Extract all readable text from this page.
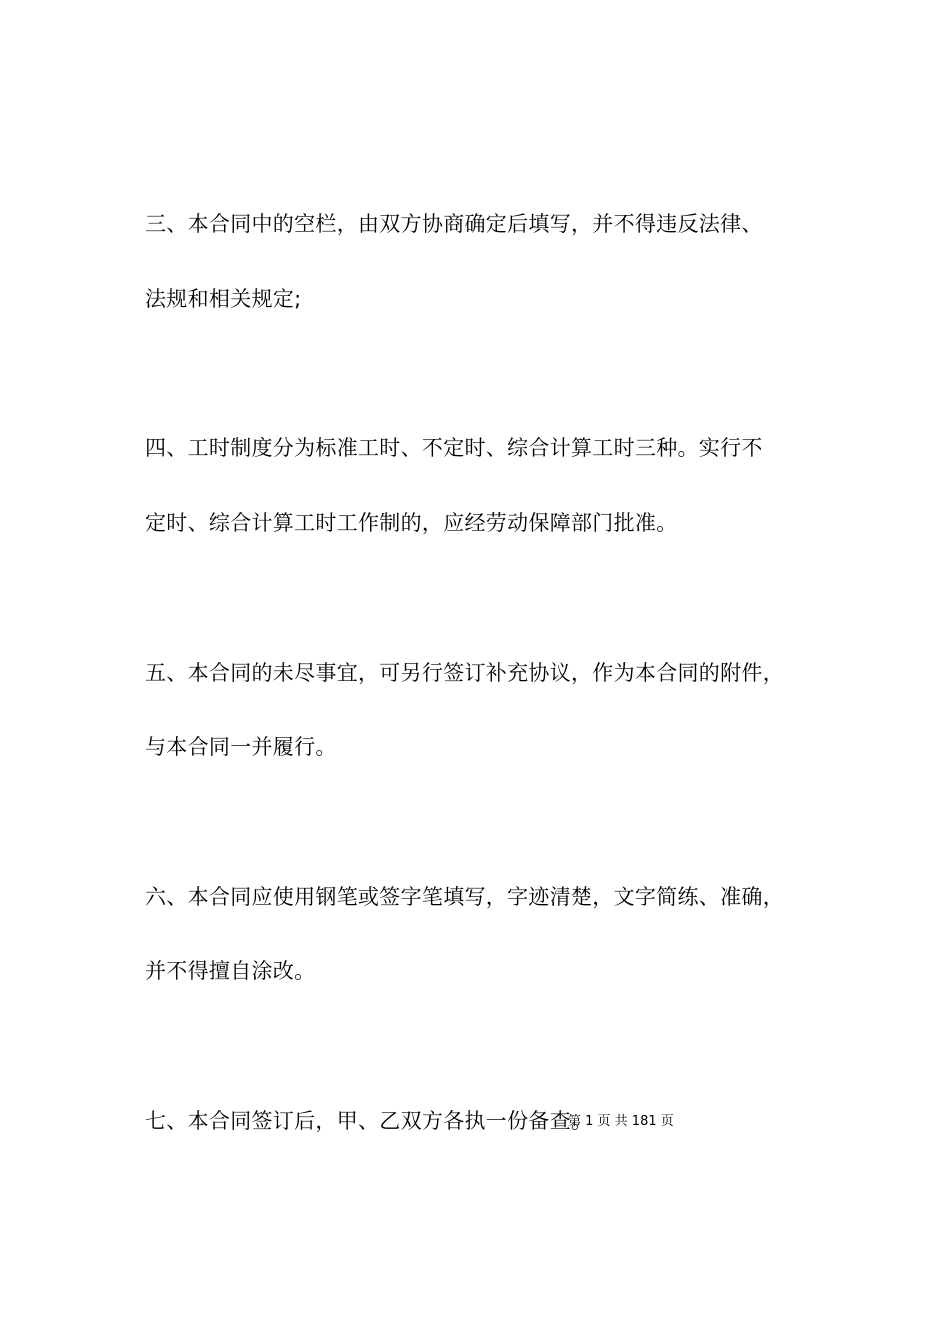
三、本合同中的空栏，由双方协商确定后填写，并不得违反法律、
法规和相关规定;
四、工时制度分为标准工时、不定时、综合计算工时三种。实行不
定时、综合计算工时工作制的，应经劳动保障部门批准。
五、本合同的未尽事宜，可另行签订补充协议，作为本合同的附件，
与本合同一并履行。
六、本合同应使用钢笔或签字笔填写，字迹清楚，文字简练、准确，
并不得擅自涂改。
七、本合同签订后，甲、乙双方各执一份备查。
第 1 页 共 181 页
